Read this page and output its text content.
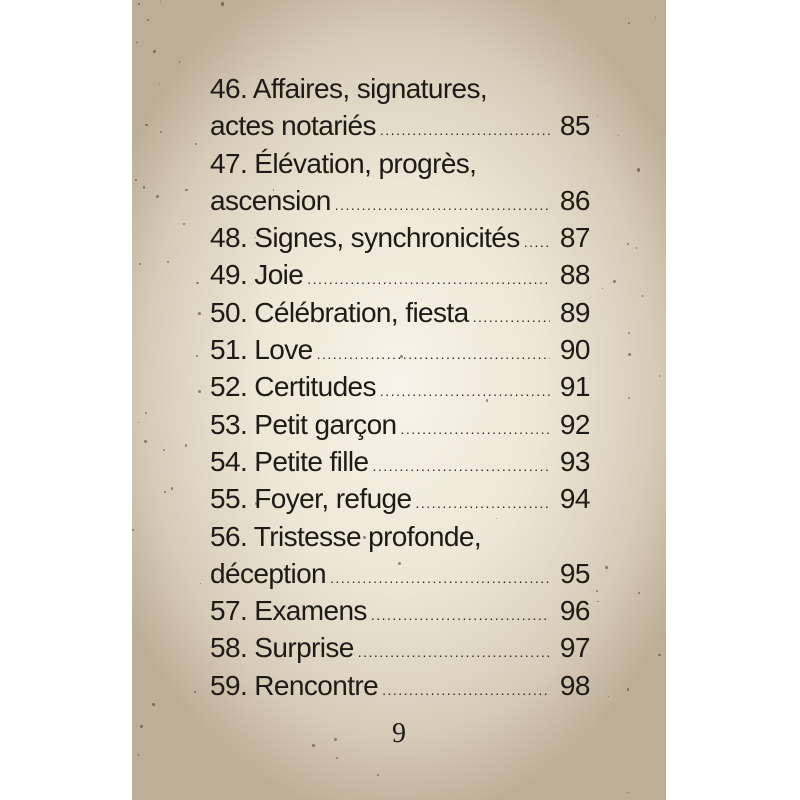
46. Affaires, signatures,
actes notariés .....	85
47. Élévation, progrès,
ascension .....	86
48. Signes, synchronicités ..... 87
49. Joie .....	88
50. Célébration, fiesta .....	89
51. Love .....	90
52. Certitudes .....	91
53. Petit garçon .....	92
54. Petite fille .....	93
55. Foyer, refuge .....	94
56. Tristesse profonde,
déception .....	95
57. Examens .....	96
58. Surprise .....	97
59. Rencontre .....	98
9
